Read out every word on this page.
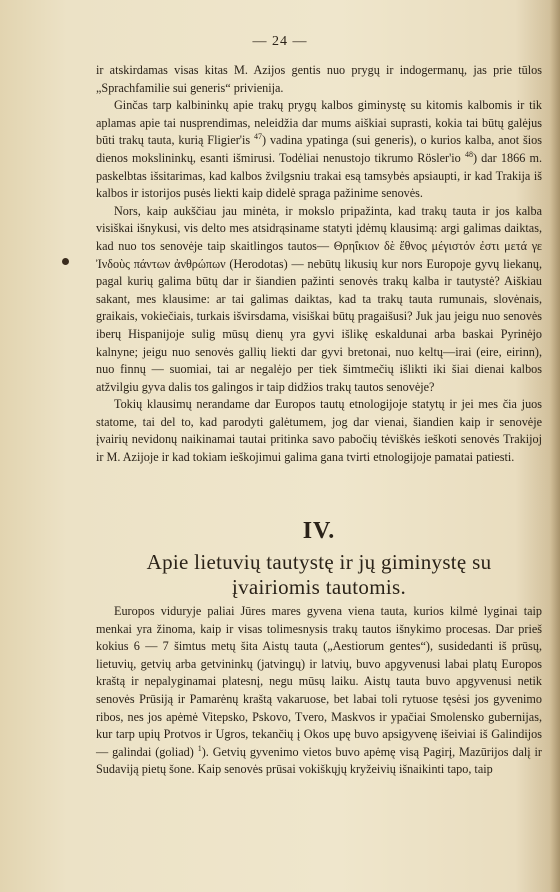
— 24 —

ir atskirdamas visas kitas M. Azijos gentis nuo prygų ir indogermanų, jas prie tūlos „Sprachfamilie sui generis“ privienija.

Ginčas tarp kalbininkų apie trakų prygų kalbos giminystę su kitomis kalbomis ir tik aplamas apie tai nusprendimas, neleidžia dar mums aiškiai suprasti, kokia tai būtų galėjus būti trakų tauta, kurią Fligier'is $^{47}$) vadina ypatinga (sui generis), o kurios kalba, anot šios dienos mokslininkų, esanti išmirusi. Todėliai nenustojo tikrumo Rösler'io $^{48}$) dar 1866 m. paskelbtas išsitarimas, kad kalbos žvilgsniu trakai esą tamsybės apsiaupti, ir kad Trakija iš kalbos ir istorijos pusės liekti kaip didelė spraga pažinime senovės.

Nors, kaip aukščiau jau minėta, ir mokslo pripažinta, kad trakų tauta ir jos kalba visiškai išnykusi, vis delto mes atsidrąsiname statyti įdėmų klausimą: argi galimas daiktas, kad nuo tos senovėje taip skaitlingos tautos— Θρηΐκιον δὲ ἔθνος μέγιστόν ἐστι μετά γε Ἰνδοὺς πάντων ἀνθρώπων (Herodotas) — nebūtų likusių kur nors Europoje gyvų liekanų, pagal kurių galima būtų dar ir šiandien pažinti senovės trakų kalba ir tautystė? Aiškiau sakant, mes klausime: ar tai galimas daiktas, kad ta trakų tauta rumunais, slovėnais, graikais, vokiečiais, turkais išvirsdama, visiškai būtų pragaišusi? Juk jau jeigu nuo senovės iberų Hispanijoje sulig mūsų dienų yra gyvi išlikę eskaldunai arba baskai Pyrinėjo kalnyne; jeigu nuo senovės gallių liekti dar gyvi bretonai, nuo keltų—irai (eire, eirinn), nuo finnų — suomiai, tai ar negalėjo per tiek šimtmečių išlikti iki šiai dienai kalbos atžvilgiu gyva dalis tos galingos ir taip didžios trakų tautos senovėje?

Tokių klausimų nerandame dar Europos tautų etnologijoje statytų ir jei mes čia juos statome, tai del to, kad parodyti galėtumem, jog dar vienai, šiandien kaip ir senovėje įvairių nevidonų naikinamai tautai pritinka savo pabočių tėviškės ieškoti senovės Trakijoj ir M. Azijoje ir kad tokiam ieškojimui galima gana tvirti etnologijoje pamatai patiesti.

IV.
Apie lietuvių tautystę ir jų giminystę su
įvairiomis tautomis.

Europos viduryje paliai Jūres mares gyvena viena tauta, kurios kilmė lyginai taip menkai yra žinoma, kaip ir visas tolimesnysis trakų tautos išnykimo procesas. Dar prieš kokius 6 — 7 šimtus metų šita Aistų tauta („Aestiorum gentes“), susidedanti iš prūsų, lietuvių, getvių arba getvininkų (jatvingų) ir latvių, buvo apgyvenusi labai platų Europos kraštą ir nepalyginamai platesnį, negu mūsų laiku. Aistų tauta buvo apgyvenusi netik senovės Prūsiją ir Pamarėnų kraštą vakaruose, bet labai toli rytuose tęsėsi jos gyvenimo ribos, nes jos apėmė Vitepsko, Pskovo, Tvero, Maskvos ir ypačiai Smolensko gubernijas, kur tarp upių Protvos ir Ugros, tekančių į Okos upę buvo apsigyvenę išeiviai iš Galindijos — galindai (goliad) $^1$). Getvių gyvenimo vietos buvo apėmę visą Pagirį, Mazūrijos dalį ir Sudaviją pietų šone. Kaip senovės prūsai vokiškųjų kryžeivių išnaikinti tapo, taip
